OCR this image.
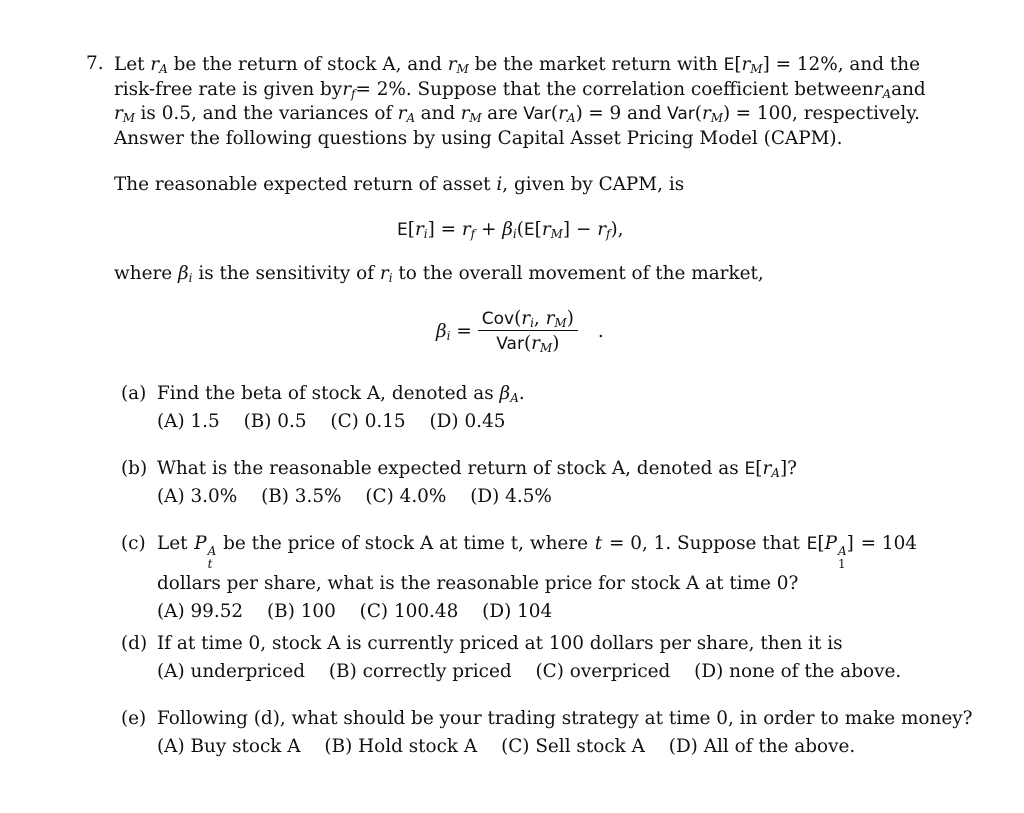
7. Let $r_A$ be the return of stock A, and $r_M$ be the market return with $E[r_M] = 12\%$, and the
risk-free rate is given by $r_f = 2\%$. Suppose that the correlation coefficient between $r_A$ and
$r_M$ is 0.5, and the variances of $r_A$ and $r_M$ are $Var(r_A) = 9$ and $Var(r_M) = 100$, respectively.
Answer the following questions by using Capital Asset Pricing Model (CAPM).
The reasonable expected return of asset i, given by CAPM, is
$E[r_i] = r_f + \beta_i(E[r_M] - r_f)$,
where $\beta_i$ is the sensitivity of $r_i$ to the overall movement of the market,
$\beta_i = \frac{Cov(r_i, r_M)}{Var(r_M)}$ .
(a) Find the beta of stock A, denoted as $\beta_A$.
(A) 1.5 (B) 0.5 (C) 0.15 (D) 0.45
(b) What is the reasonable expected return of stock A, denoted as $E[r_A]$?
(A) 3.0% (B) 3.5% (C) 4.0% (D) 4.5%
(c) Let P A
t
be the price of stock A at time t, where t = 0, 1. Suppose that E[P A
1
] = 104
dollars per share, what is the reasonable price for stock A at time 0?
(A) 99.52 (B) 100 (C) 100.48 (D) 104
(d) If at time 0, stock A is currently priced at 100 dollars per share, then it is
(A) underpriced (B) correctly priced (C) overpriced (D) none of the above.
(e) Following (d), what should be your trading strategy at time 0, in order to make money?
(A) Buy stock A (B) Hold stock A (C) Sell stock A (D) All of the above.
